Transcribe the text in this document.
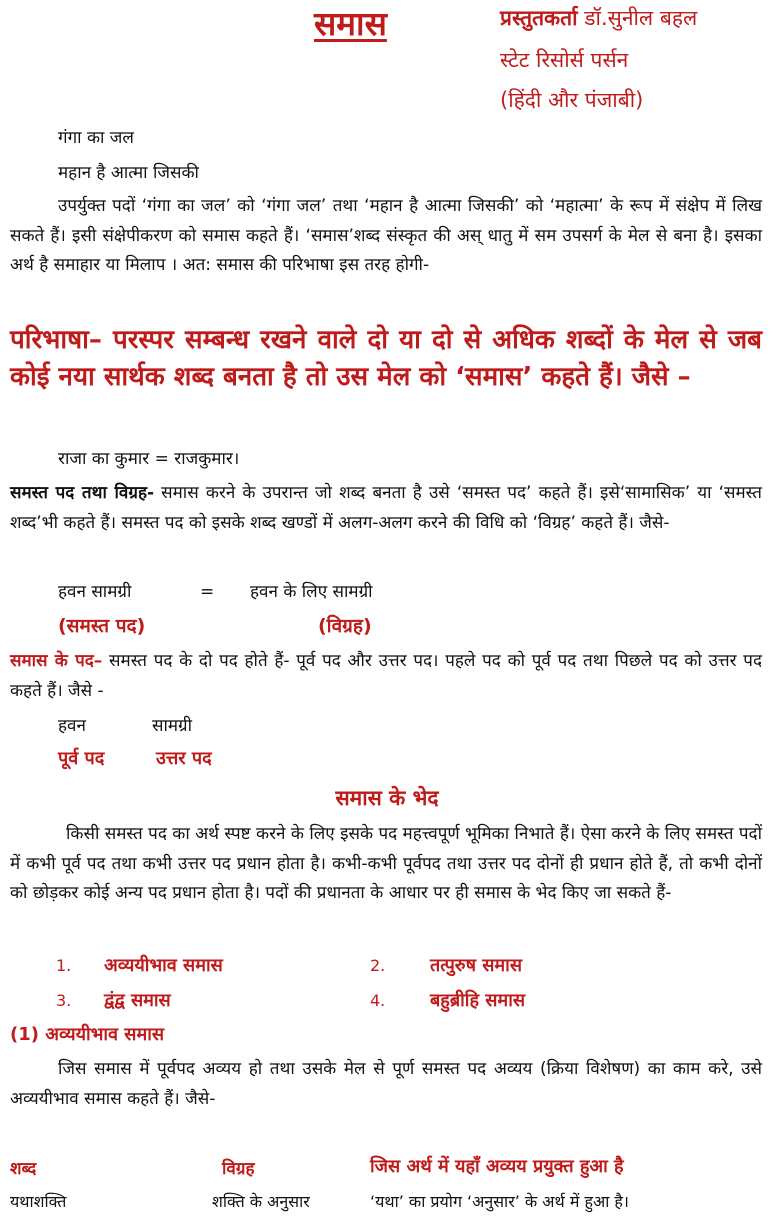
समास	प्रस्तुतकर्ता डॉ.सुनील बहल
स्टेट रिसोर्स पर्सन
(हिंदी और पंजाबी)
गंगा का जल
महान है आत्मा जिसकी
उपर्युक्त पदों ‘गंगा का जल’ को ‘गंगा जल’ तथा ‘महान है आत्मा जिसकी’ को ‘महात्मा’ के रूप में संक्षेप में लिख सकते हैं। इसी संक्षेपीकरण को समास कहते हैं। ‘समास’शब्द संस्कृत की अस् धातु में सम उपसर्ग के मेल से बना है। इसका अर्थ है समाहार या मिलाप । अत: समास की परिभाषा इस तरह होगी-
परिभाषा– परस्पर सम्बन्ध रखने वाले दो या दो से अधिक शब्दों के मेल से जब कोई नया सार्थक शब्द बनता है तो उस मेल को ‘समास’ कहते हैं। जैसे –
राजा का कुमार = राजकुमार।
समस्त पद तथा विग्रह- समास करने के उपरान्त जो शब्द बनता है उसे ‘समस्त पद’ कहते हैं। इसे‘सामासिक’ या ‘समस्त शब्द’भी कहते हैं। समस्त पद को इसके शब्द खण्डों में अलग-अलग करने की विधि को ‘विग्रह’ कहते हैं। जैसे-
हवन सामग्री	= हवन के लिए सामग्री
(समस्त पद)	(विग्रह)
समास के पद– समस्त पद के दो पद होते हैं- पूर्व पद और उत्तर पद। पहले पद को पूर्व पद तथा पिछले पद को उत्तर पद कहते हैं। जैसे -
हवन	सामग्री
पूर्व पद	उत्तर पद
समास के भेद
किसी समस्त पद का अर्थ स्पष्ट करने के लिए इसके पद महत्त्वपूर्ण भूमिका निभाते हैं। ऐसा करने के लिए समस्त पदों में कभी पूर्व पद तथा कभी उत्तर पद प्रधान होता है। कभी-कभी पूर्वपद तथा उत्तर पद दोनों ही प्रधान होते हैं, तो कभी दोनों को छोड़कर कोई अन्य पद प्रधान होता है। पदों की प्रधानता के आधार पर ही समास के भेद किए जा सकते हैं-
1. अव्ययीभाव समास	2. तत्पुरुष समास
3. द्वंद्व समास	4. बहुब्रीहि समास
(1) अव्ययीभाव समास
जिस समास में पूर्वपद अव्यय हो तथा उसके मेल से पूर्ण समस्त पद अव्यय (क्रिया विशेषण) का काम करे, उसे अव्ययीभाव समास कहते हैं। जैसे-
शब्द	विग्रह	जिस अर्थ में यहाँ अव्यय प्रयुक्त हुआ है
यथाशक्ति	शक्ति के अनुसार	‘यथा’ का प्रयोग ‘अनुसार’ के अर्थ में हुआ है।
